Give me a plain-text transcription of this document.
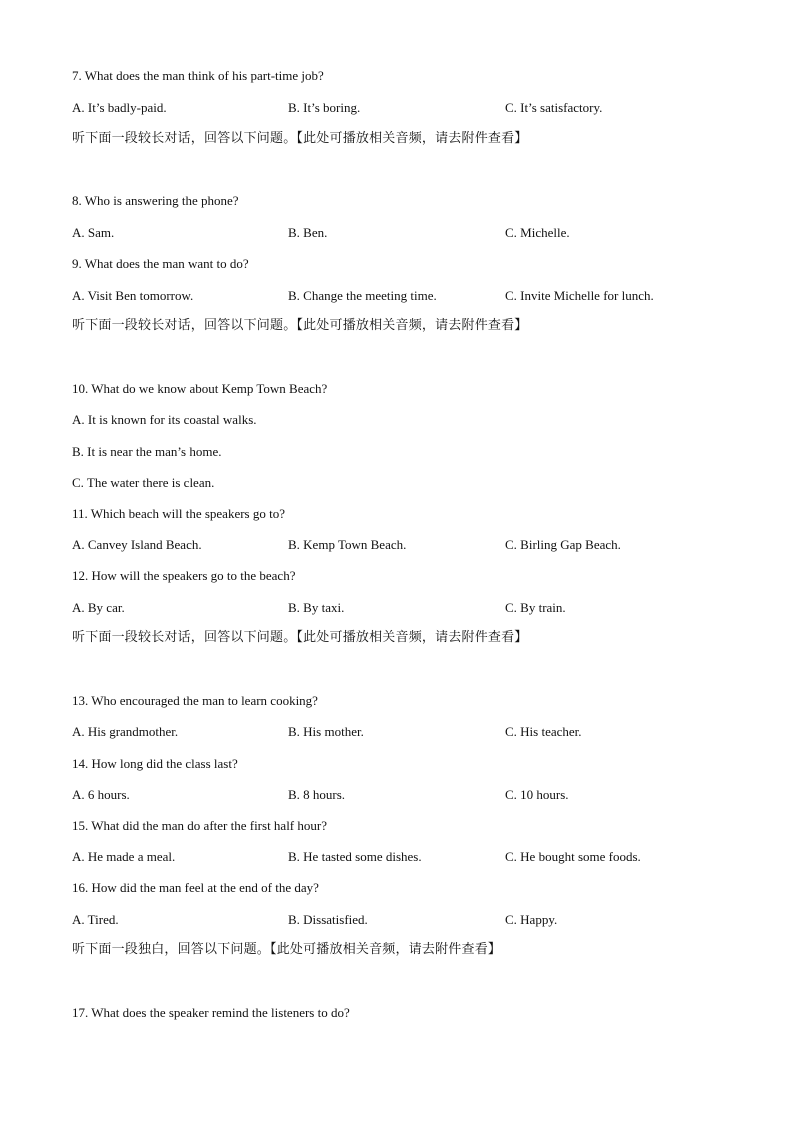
7. What does the man think of his part-time job?
A. It’s badly-paid.	B. It’s boring.	C. It’s satisfactory.
听下面一段较长对话，回答以下问题。【此处可播放相关音频，请去附件查看】
8. Who is answering the phone?
A. Sam.	B. Ben.	C. Michelle.
9. What does the man want to do?
A. Visit Ben tomorrow.	B. Change the meeting time.	C. Invite Michelle for lunch.
听下面一段较长对话，回答以下问题。【此处可播放相关音频，请去附件查看】
10. What do we know about Kemp Town Beach?
A. It is known for its coastal walks.
B. It is near the man’s home.
C. The water there is clean.
11. Which beach will the speakers go to?
A. Canvey Island Beach.	B. Kemp Town Beach.	C. Birling Gap Beach.
12. How will the speakers go to the beach?
A. By car.	B. By taxi.	C. By train.
听下面一段较长对话，回答以下问题。【此处可播放相关音频，请去附件查看】
13. Who encouraged the man to learn cooking?
A. His grandmother.	B. His mother.	C. His teacher.
14. How long did the class last?
A. 6 hours.	B. 8 hours.	C. 10 hours.
15. What did the man do after the first half hour?
A. He made a meal.	B. He tasted some dishes.	C. He bought some foods.
16. How did the man feel at the end of the day?
A. Tired.	B. Dissatisfied.	C. Happy.
听下面一段独白，回答以下问题。【此处可播放相关音频，请去附件查看】
17. What does the speaker remind the listeners to do?
